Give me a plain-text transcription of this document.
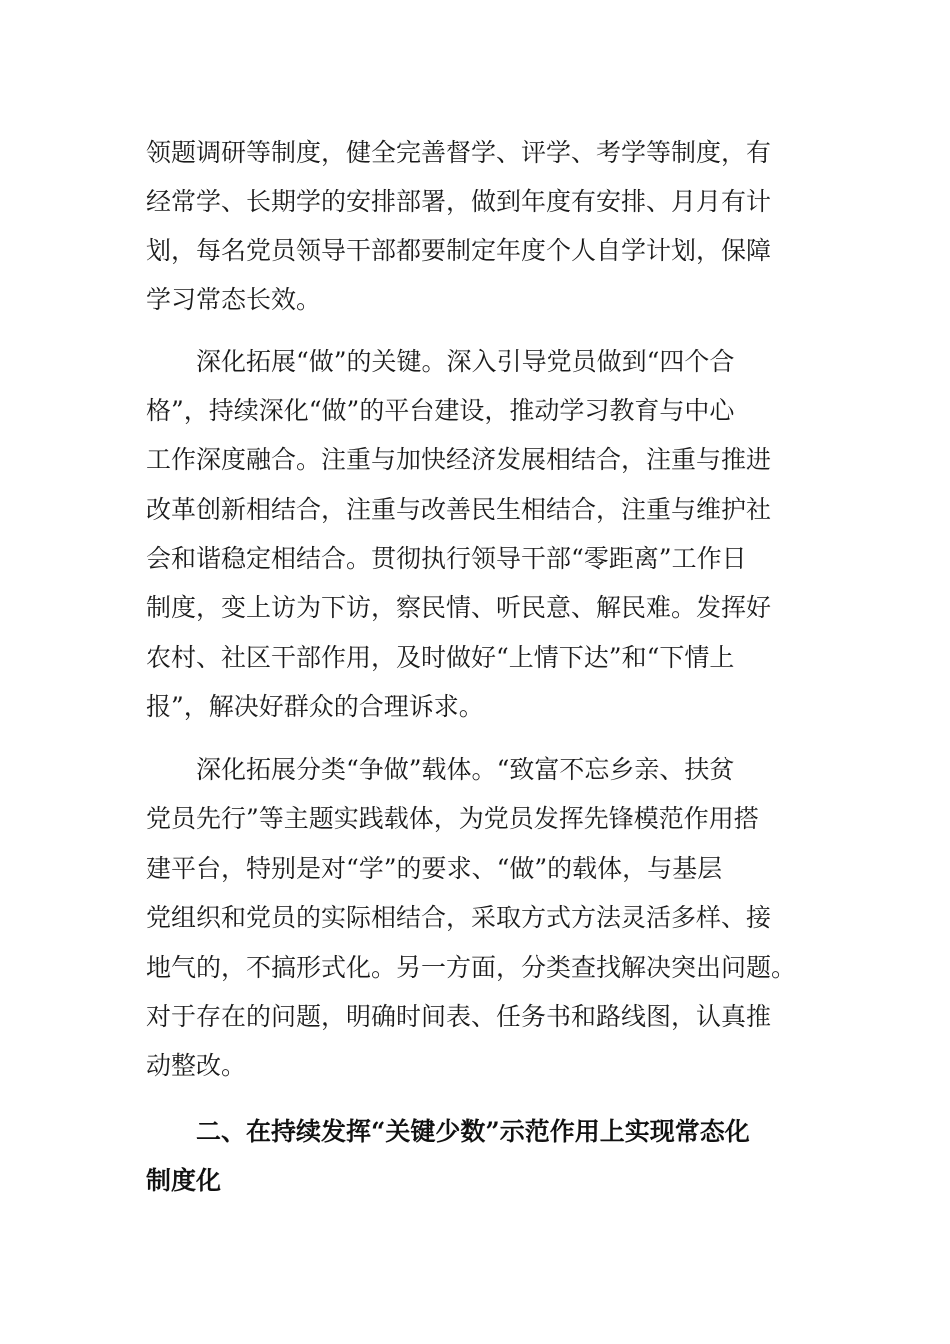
领题调研等制度，健全完善督学、评学、考学等制度，有
经常学、长期学的安排部署，做到年度有安排、月月有计
划，每名党员领导干部都要制定年度个人自学计划，保障
学习常态长效。
深化拓展“做”的关键。深入引导党员做到“四个合
格”，持续深化“做”的平台建设，推动学习教育与中心
工作深度融合。注重与加快经济发展相结合，注重与推进
改革创新相结合，注重与改善民生相结合，注重与维护社
会和谐稳定相结合。贯彻执行领导干部“零距离”工作日
制度，变上访为下访，察民情、听民意、解民难。发挥好
农村、社区干部作用，及时做好“上情下达”和“下情上
报”，解决好群众的合理诉求。
深化拓展分类“争做”载体。“致富不忘乡亲、扶贫
党员先行”等主题实践载体，为党员发挥先锋模范作用搭
建平台，特别是对“学”的要求、“做”的载体，与基层
党组织和党员的实际相结合，采取方式方法灵活多样、接
地气的，不搞形式化。另一方面，分类查找解决突出问题。
对于存在的问题，明确时间表、任务书和路线图，认真推
动整改。
二、在持续发挥“关键少数”示范作用上实现常态化
制度化
